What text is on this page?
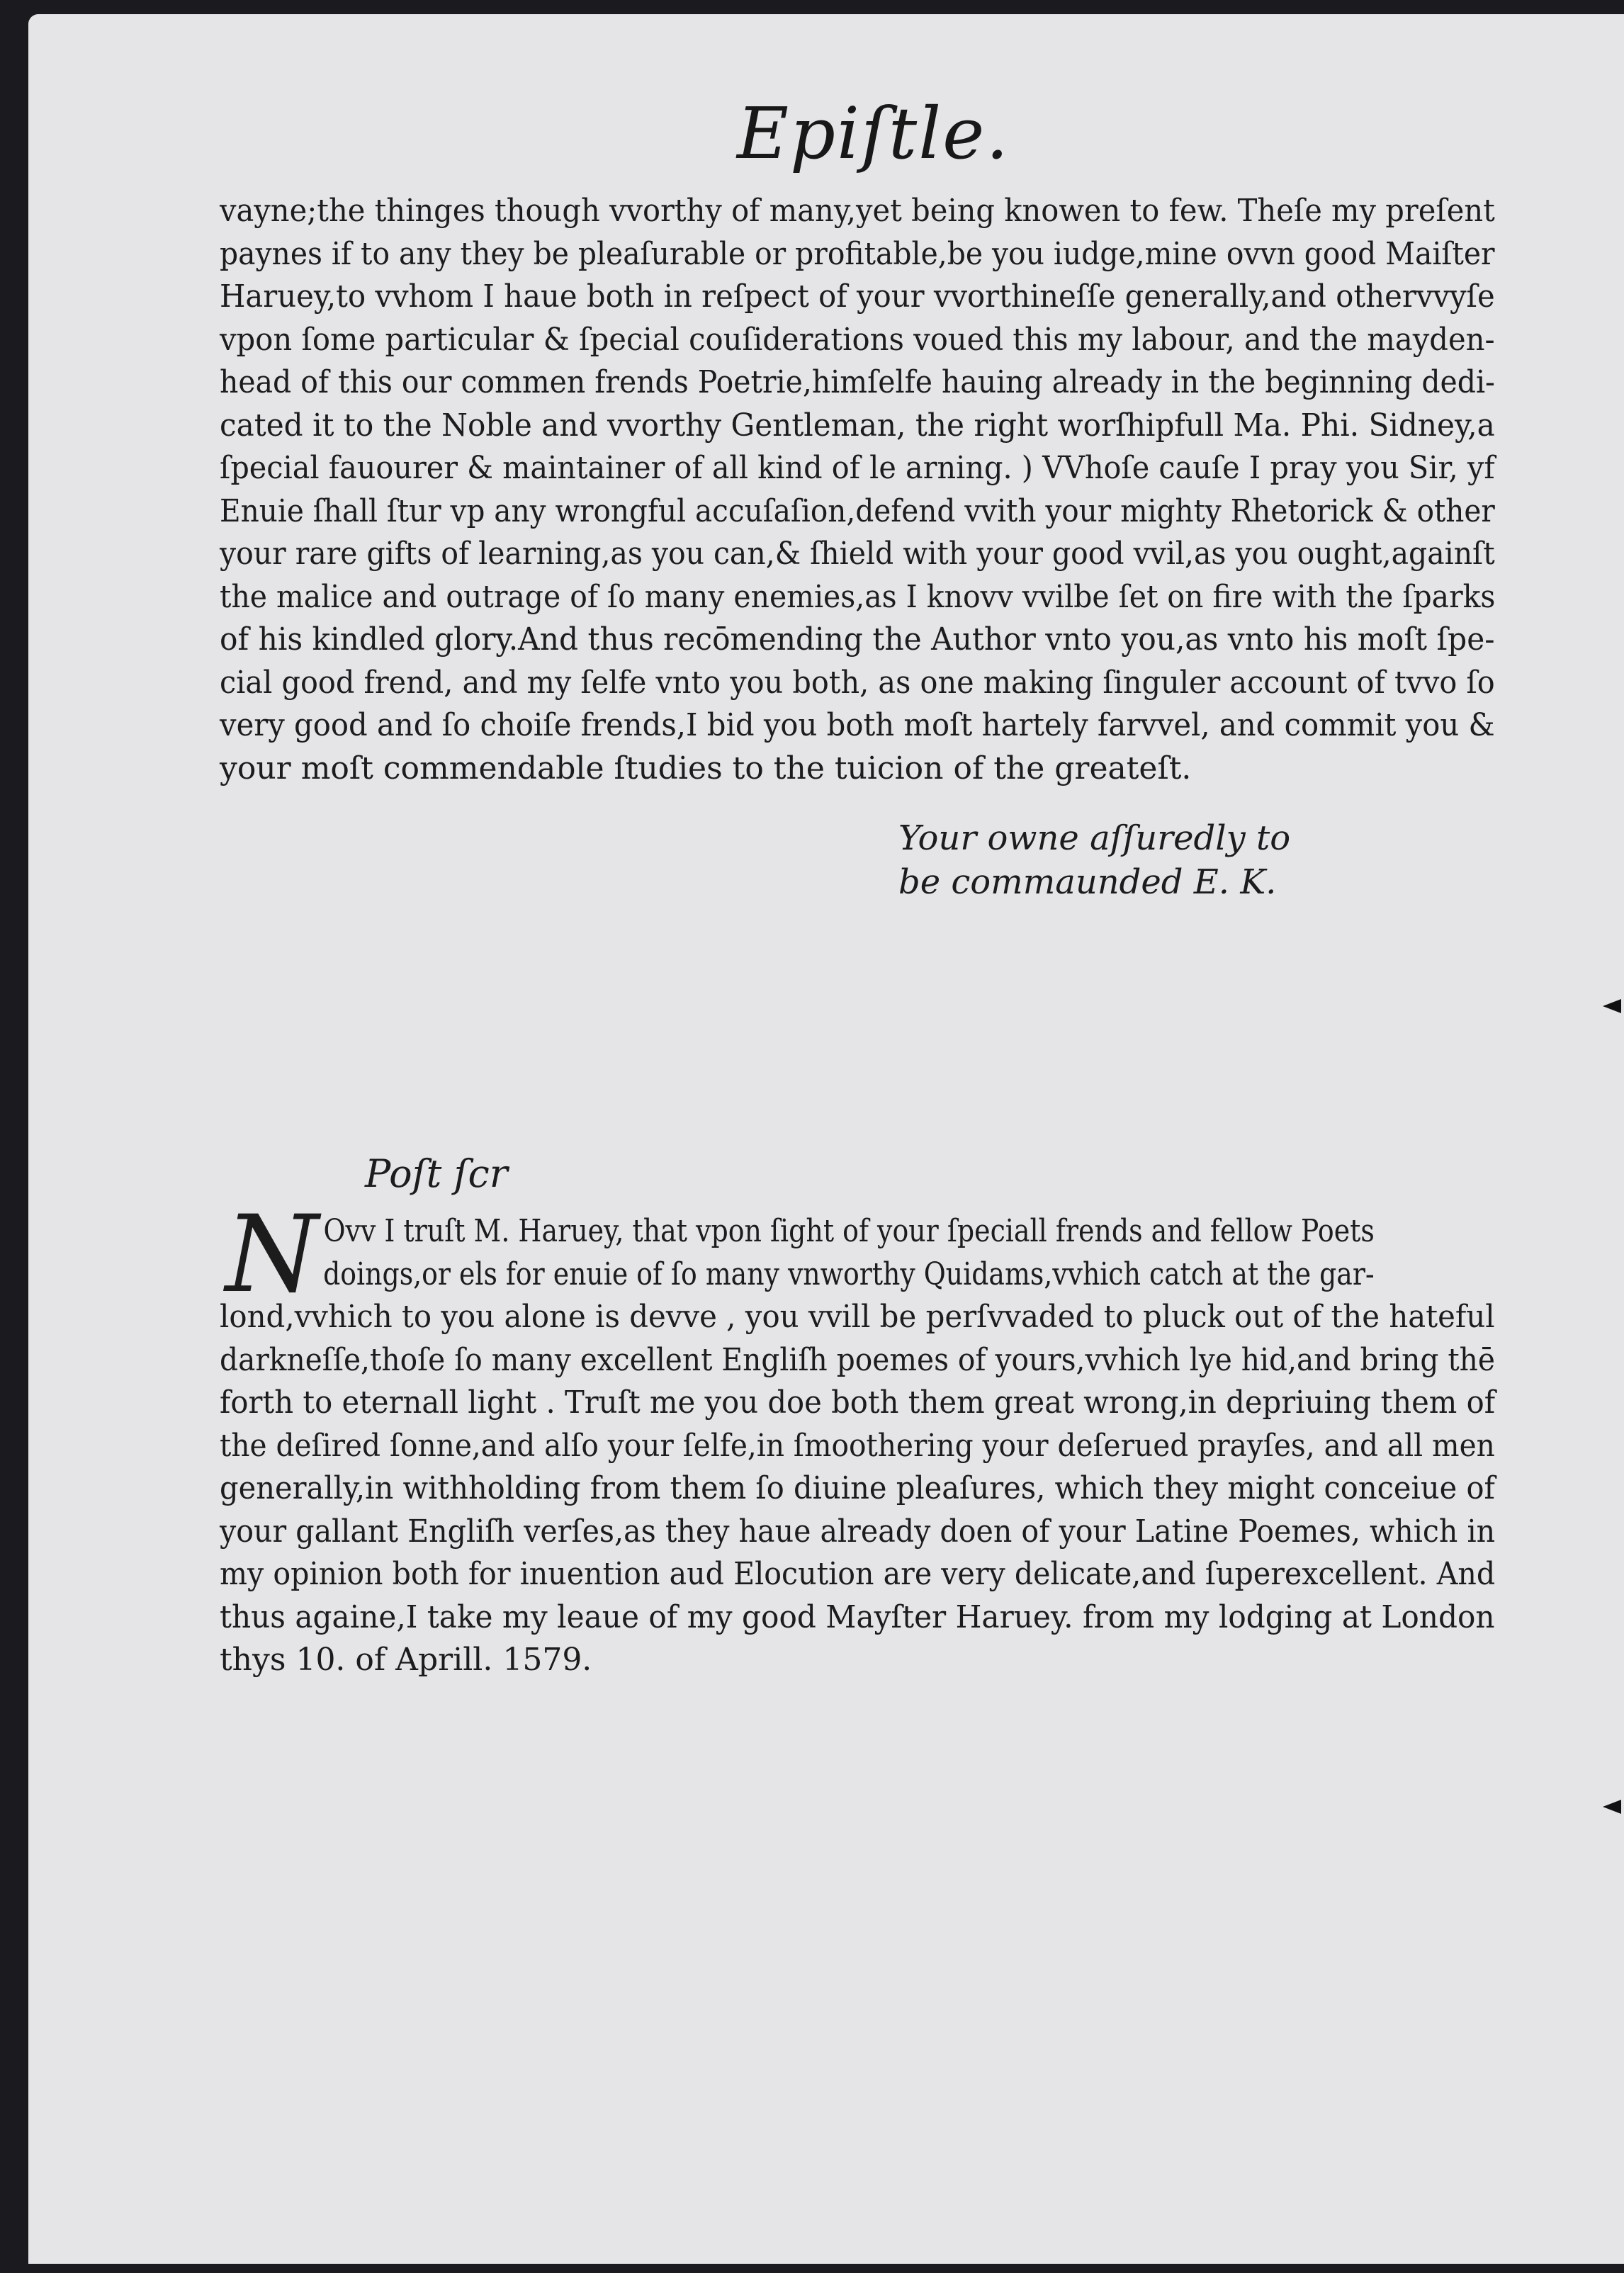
Epiſtle.
vayne;the thinges though vvorthy of many,yet being knowen to few. Theſe my preſent
paynes if to any they be pleaſurable or profitable,be you iudge,mine ovvn good Maiſter
Haruey,to vvhom I haue both in reſpect of your vvorthineſſe generally,and othervvyſe
vpon ſome particular & ſpecial couſiderations voued this my labour, and the mayden-
head of this our commen frends Poetrie,himſelfe hauing already in the beginning dedi-
cated it to the Noble and vvorthy Gentleman, the right worſhipfull Ma. Phi. Sidney,a
ſpecial fauourer & maintainer of all kind of le arning. ) VVhoſe cauſe I pray you Sir, yf
Enuie ſhall ſtur vp any wrongful accuſaſion,defend vvith your mighty Rhetorick & other
your rare gifts of learning,as you can,& ſhield with your good vvil,as you ought,againſt
the malice and outrage of ſo many enemies,as I knovv vvilbe ſet on fire with the ſparks
of his kindled glory.And thus recōmending the Author vnto you,as vnto his moſt ſpe-
cial good frend, and my ſelfe vnto you both, as one making ſinguler account of tvvo ſo
very good and ſo choiſe frends,I bid you both moſt hartely farvvel, and commit you &
your moſt commendable ſtudies to the tuicion of the greateſt.
Your owne aſſuredly to
be commaunded E. K.
Poſt ſcr
N Ovv I truſt M. Haruey, that vpon ſight of your ſpeciall frends and fellow Poets
doings,or els for enuie of ſo many vnworthy Quidams,vvhich catch at the gar-
lond,vvhich to you alone is devve , you vvill be perſvvaded to pluck out of the hateful
darkneſſe,thoſe ſo many excellent Engliſh poemes of yours,vvhich lye hid,and bring thē
forth to eternall light . Truſt me you doe both them great wrong,in depriuing them of
the deſired ſonne,and alſo your ſelfe,in ſmoothering your deſerued prayſes, and all men
generally,in withholding from them ſo diuine pleaſures, which they might conceiue of
your gallant Engliſh verſes,as they haue already doen of your Latine Poemes, which in
my opinion both for inuention aud Elocution are very delicate,and ſuperexcellent. And
thus againe,I take my leaue of my good Mayſter Haruey. from my lodging at London
thys 10. of Aprill. 1579.
